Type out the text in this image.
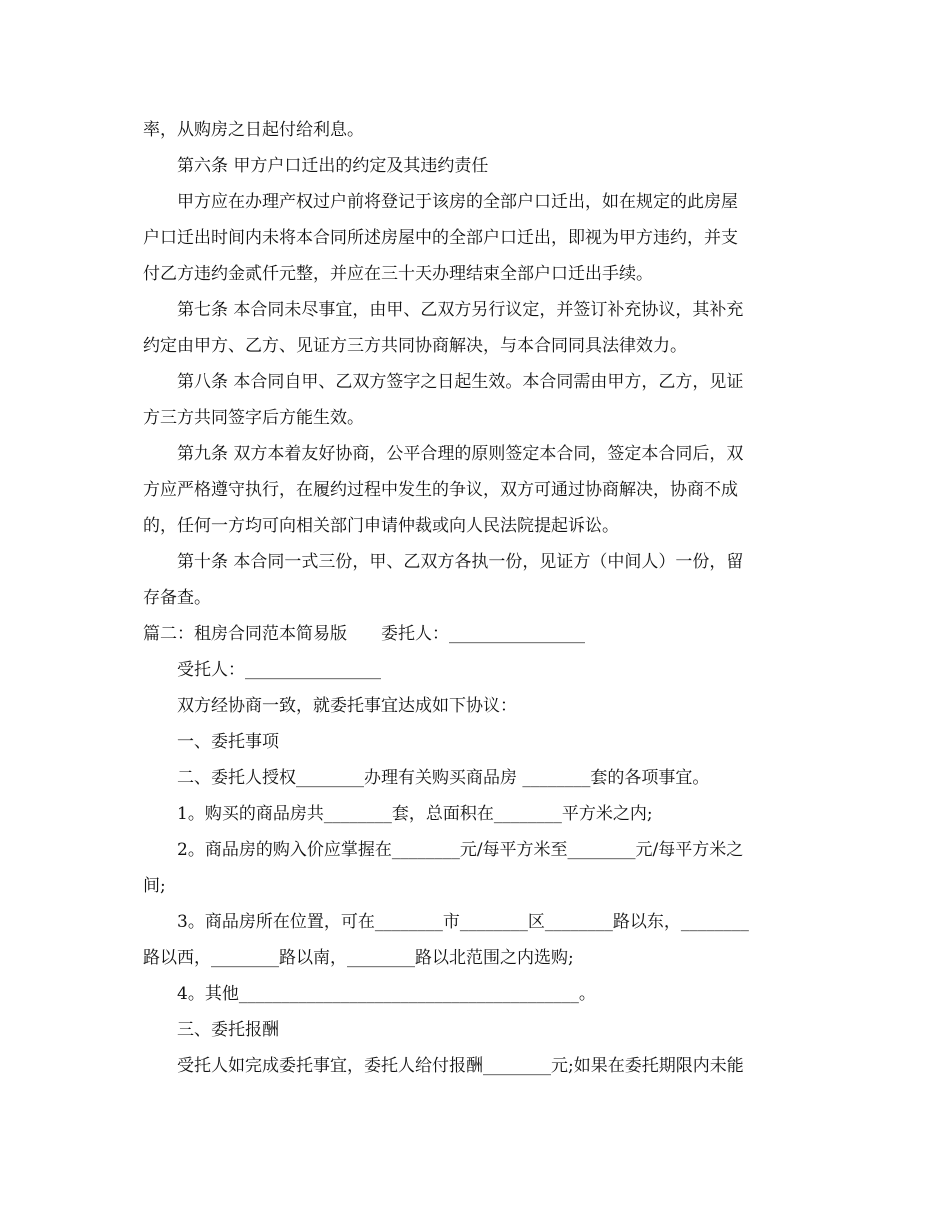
率，从购房之日起付给利息。
第六条 甲方户口迁出的约定及其违约责任
甲方应在办理产权过户前将登记于该房的全部户口迁出，如在规定的此房屋
户口迁出时间内未将本合同所述房屋中的全部户口迁出，即视为甲方违约，并支
付乙方违约金贰仟元整，并应在三十天办理结束全部户口迁出手续。
第七条 本合同未尽事宜，由甲、乙双方另行议定，并签订补充协议，其补充
约定由甲方、乙方、见证方三方共同协商解决，与本合同同具法律效力。
第八条 本合同自甲、乙双方签字之日起生效。本合同需由甲方，乙方，见证
方三方共同签字后方能生效。
第九条 双方本着友好协商，公平合理的原则签定本合同，签定本合同后，双
方应严格遵守执行，在履约过程中发生的争议，双方可通过协商解决，协商不成
的，任何一方均可向相关部门申请仲裁或向人民法院提起诉讼。
第十条 本合同一式三份，甲、乙双方各执一份，见证方（中间人）一份，留
存备查。
篇二：租房合同范本简易版　　委托人：________________
受托人：________________
双方经协商一致，就委托事宜达成如下协议：
一、委托事项
二、委托人授权________办理有关购买商品房 ________套的各项事宜。
1。购买的商品房共________套，总面积在________平方米之内;
2。商品房的购入价应掌握在________元/每平方米至________元/每平方米之
间;
3。商品房所在位置，可在________市________区________路以东，________
路以西，________路以南，________路以北范围之内选购;
4。其他________________________________________。
三、委托报酬
受托人如完成委托事宜，委托人给付报酬________元;如果在委托期限内未能
